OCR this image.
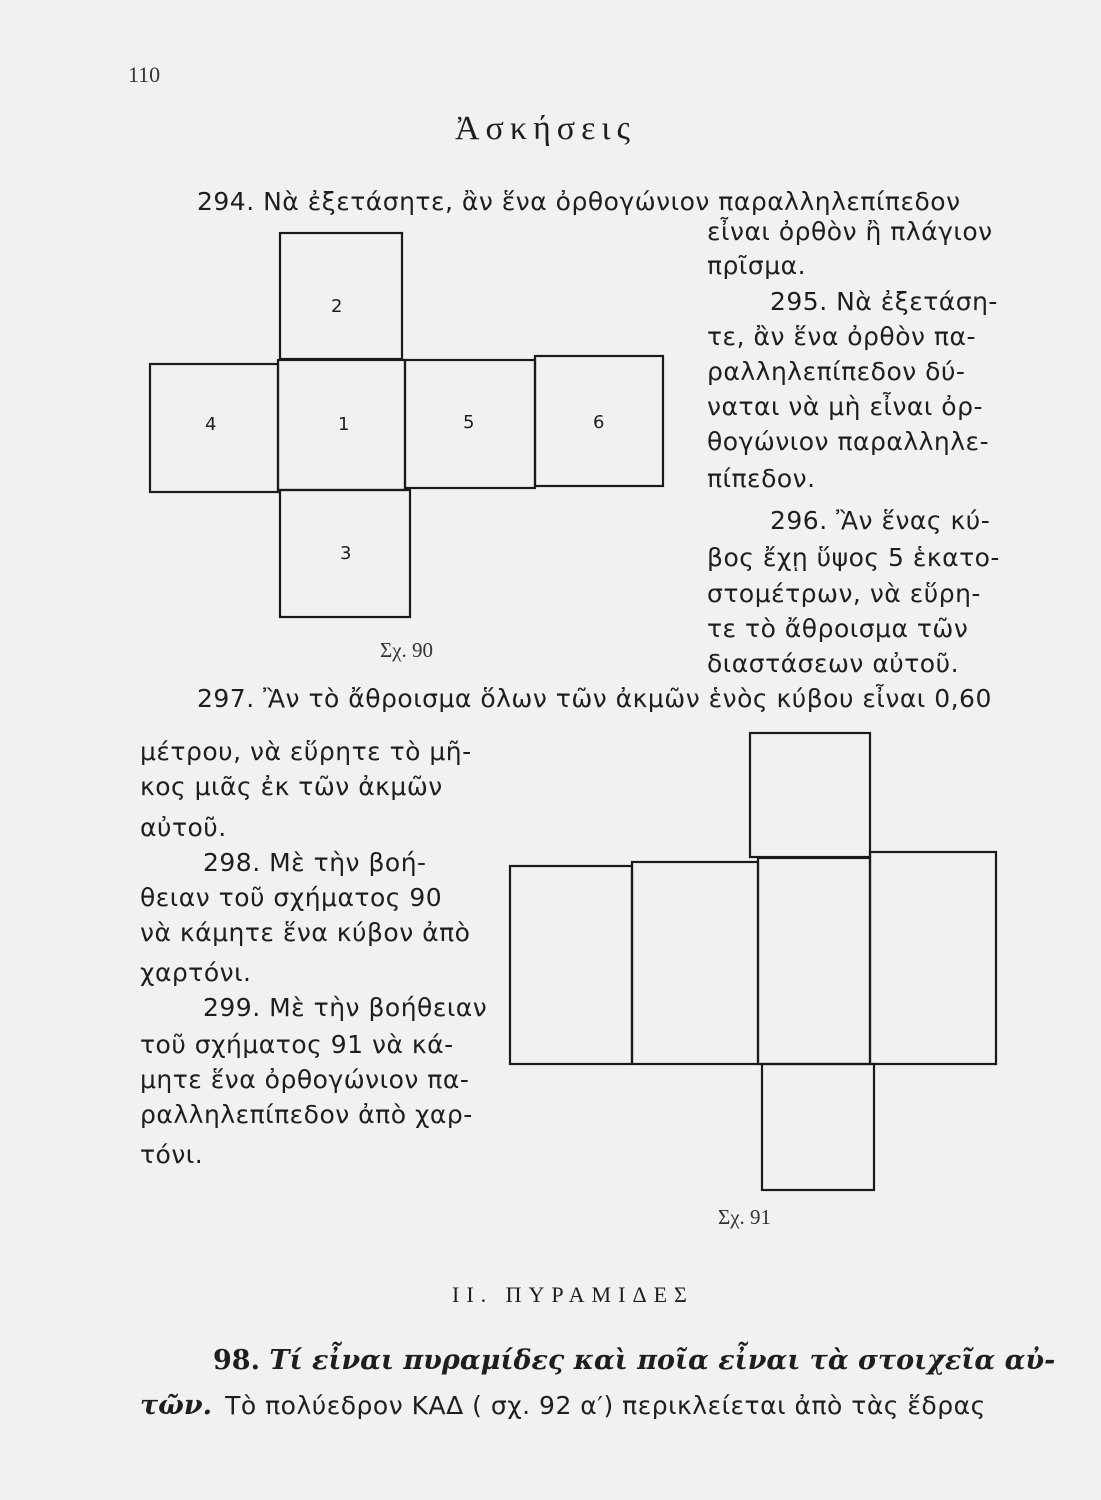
110
Ἀσκήσεις
294. Νὰ ἐξετάσητε, ἂν ἕνα ὀρθογώνιον παραλληλεπίπεδον
εἶναι ὀρθὸν ἢ πλάγιον
πρῖσμα.
295. Νὰ ἐξετάση-
τε, ἂν ἕνα ὀρθὸν πα-
ραλληλεπίπεδον δύ-
ναται νὰ μὴ εἶναι ὀρ-
θογώνιον παραλληλε-
πίπεδον.
296. Ἂν ἕνας κύ-
βος ἔχῃ ὕψος 5 ἑκατο-
στομέτρων, νὰ εὕρη-
τε τὸ ἄθροισμα τῶν
διαστάσεων αὐτοῦ.
2
4	1	5	6
3
Σχ. 90
297. Ἂν τὸ ἄθροισμα ὅλων τῶν ἀκμῶν ἑνὸς κύβου εἶναι 0,60
μέτρου, νὰ εὕρητε τὸ μῆ-
κος μιᾶς ἐκ τῶν ἀκμῶν
αὐτοῦ.
298. Μὲ τὴν βοή-
θειαν τοῦ σχήματος 90
νὰ κάμητε ἕνα κύβον ἀπὸ
χαρτόνι.
299. Μὲ τὴν βοήθειαν
τοῦ σχήματος 91 νὰ κά-
μητε ἕνα ὀρθογώνιον πα-
ραλληλεπίπεδον ἀπὸ χαρ-
τόνι.
Σχ. 91
ΙΙ. ΠΥΡΑΜΙΔΕΣ
98. Τί εἶναι πυραμίδες καὶ ποῖα εἶναι τὰ στοιχεῖα αὐ-
τῶν. Τὸ πολύεδρον ΚΑΔ ( σχ. 92 α′) περικλείεται ἀπὸ τὰς ἕδρας
